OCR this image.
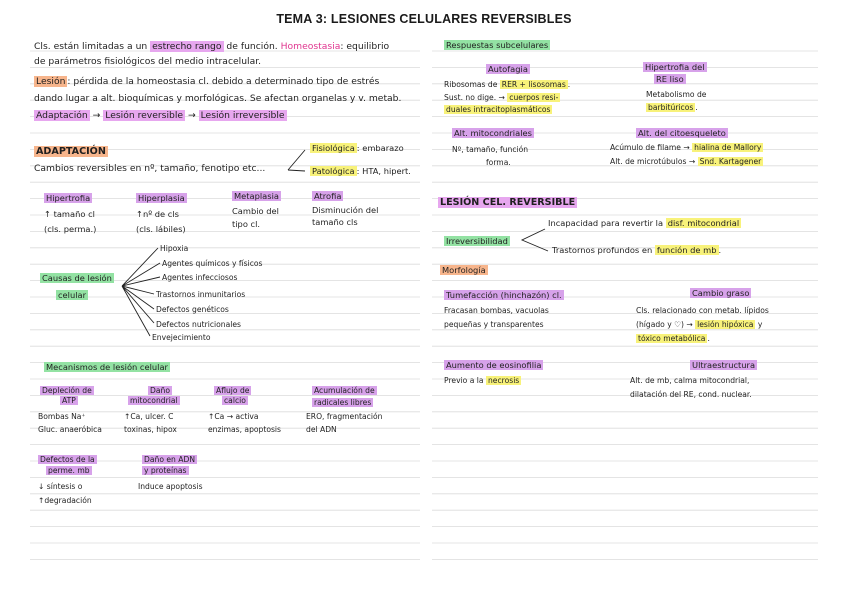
TEMA 3: LESIONES CELULARES REVERSIBLES
Cls. están limitadas a un estrecho rango de función. Homeostasia: equilibrio
de parámetros fisiológicos del medio intracelular.
Lesión : pérdida de la homeostasia cl. debido a determinado tipo de estrés
dando lugar a alt. bioquímicas y morfológicas. Se afectan organelas y v. metab.
Adaptación → Lesión reversible → Lesión irreversible
ADAPTACIÓN
Cambios reversibles en nº, tamaño, fenotipo etc...
Fisiológica : embarazo
Patológica : HTA, hipert.
Hipertrofia
↑ tamaño cl
(cls. perma.)
Hiperplasia
↑nº de cls
(cls. lábiles)
Metaplasia
Cambio del
tipo cl.
Atrofia
Disminución del
tamaño cls
Causas de lesión
celular
Hipoxia
Agentes químicos y físicos
Agentes infecciosos
Trastornos inmunitarios
Defectos genéticos
Defectos nutricionales
Envejecimiento
Mecanismos de lesión celular
Depleción de
ATP
Bombas Na⁺
Gluc. anaeróbica
Daño
mitocondrial
↑Ca, ulcer. C
toxinas, hipox
Aflujo de
calcio
↑Ca → activa
enzimas, apoptosis
Acumulación de
radicales libres
ERO, fragmentación
del ADN
Defectos de la
perme. mb
↓ síntesis o
↑degradación
Daño en ADN
y proteínas
Induce apoptosis
Respuestas subcelulares
Autofagia
Ribosomas de RER + lisosomas .
Sust. no dige. → cuerpos resi-
duales intracitoplasmáticos
Hipertrofia del
RE liso
Metabolismo de
barbitúricos .
Alt. mitocondriales
Nº, tamaño, función
forma.
Alt. del citoesqueleto
Acúmulo de filame → hialina de Mallory
Alt. de microtúbulos → Snd. Kartagener
LESIÓN CEL. REVERSIBLE
Irreversibilidad
Incapacidad para revertir la disf. mitocondrial
Trastornos profundos en función de mb .
Morfología
Tumefacción (hinchazón) cl.
Fracasan bombas, vacuolas
pequeñas y transparentes
Cambio graso
Cls. relacionado con metab. lípidos
(hígado y ♡) → lesión hipóxica y
tóxico metabólica .
Aumento de eosinofilia
Previo a la necrosis
Ultraestructura
Alt. de mb, calma mitocondrial,
dilatación del RE, cond. nuclear.
